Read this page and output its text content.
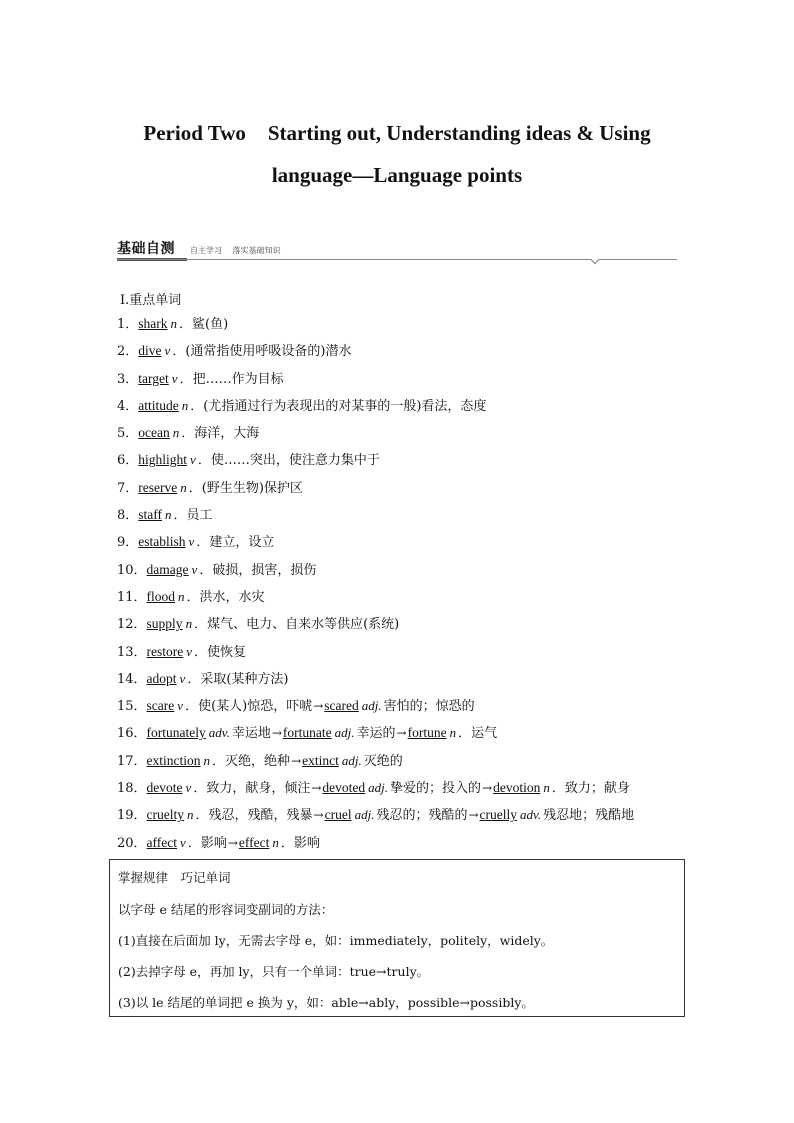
Period Two Starting out, Understanding ideas & Using
language—Language points
基础自测 自主学习 落实基础知识
Ⅰ.重点单词
1．shark n ．鲨(鱼)
2．dive v ．(通常指使用呼吸设备的)潜水
3．target v ．把……作为目标
4．attitude n ．(尤指通过行为表现出的对某事的一般)看法，态度
5．ocean n ．海洋，大海
6．highlight v ．使……突出，使注意力集中于
7．reserve n ．(野生生物)保护区
8．staff n ．员工
9．establish v ．建立，设立
10．damage v ．破损，损害，损伤
11．flood n ．洪水，水灾
12．supply n ．煤气、电力、自来水等供应(系统)
13．restore v ．使恢复
14．adopt v ．采取(某种方法)
15．scare v ．使(某人)惊恐，吓唬→scared adj. 害怕的；惊恐的
16．fortunately adv. 幸运地→fortunate adj. 幸运的→fortune n ．运气
17．extinction n ．灭绝，绝种→extinct adj. 灭绝的
18．devote v ．致力，献身，倾注→devoted adj. 挚爱的；投入的→devotion n ．致力；献身
19．cruelty n ．残忍，残酷，残暴→cruel adj. 残忍的；残酷的→cruelly adv. 残忍地；残酷地
20．affect v ．影响→effect n ．影响
掌握规律　巧记单词
以字母 e 结尾的形容词变副词的方法：
(1)直接在后面加 ly，无需去字母 e，如：immediately，politely，widely。
(2)去掉字母 e，再加 ly，只有一个单词：true→truly。
(3)以 le 结尾的单词把 e 换为 y，如：able→ably，possible→possibly。
